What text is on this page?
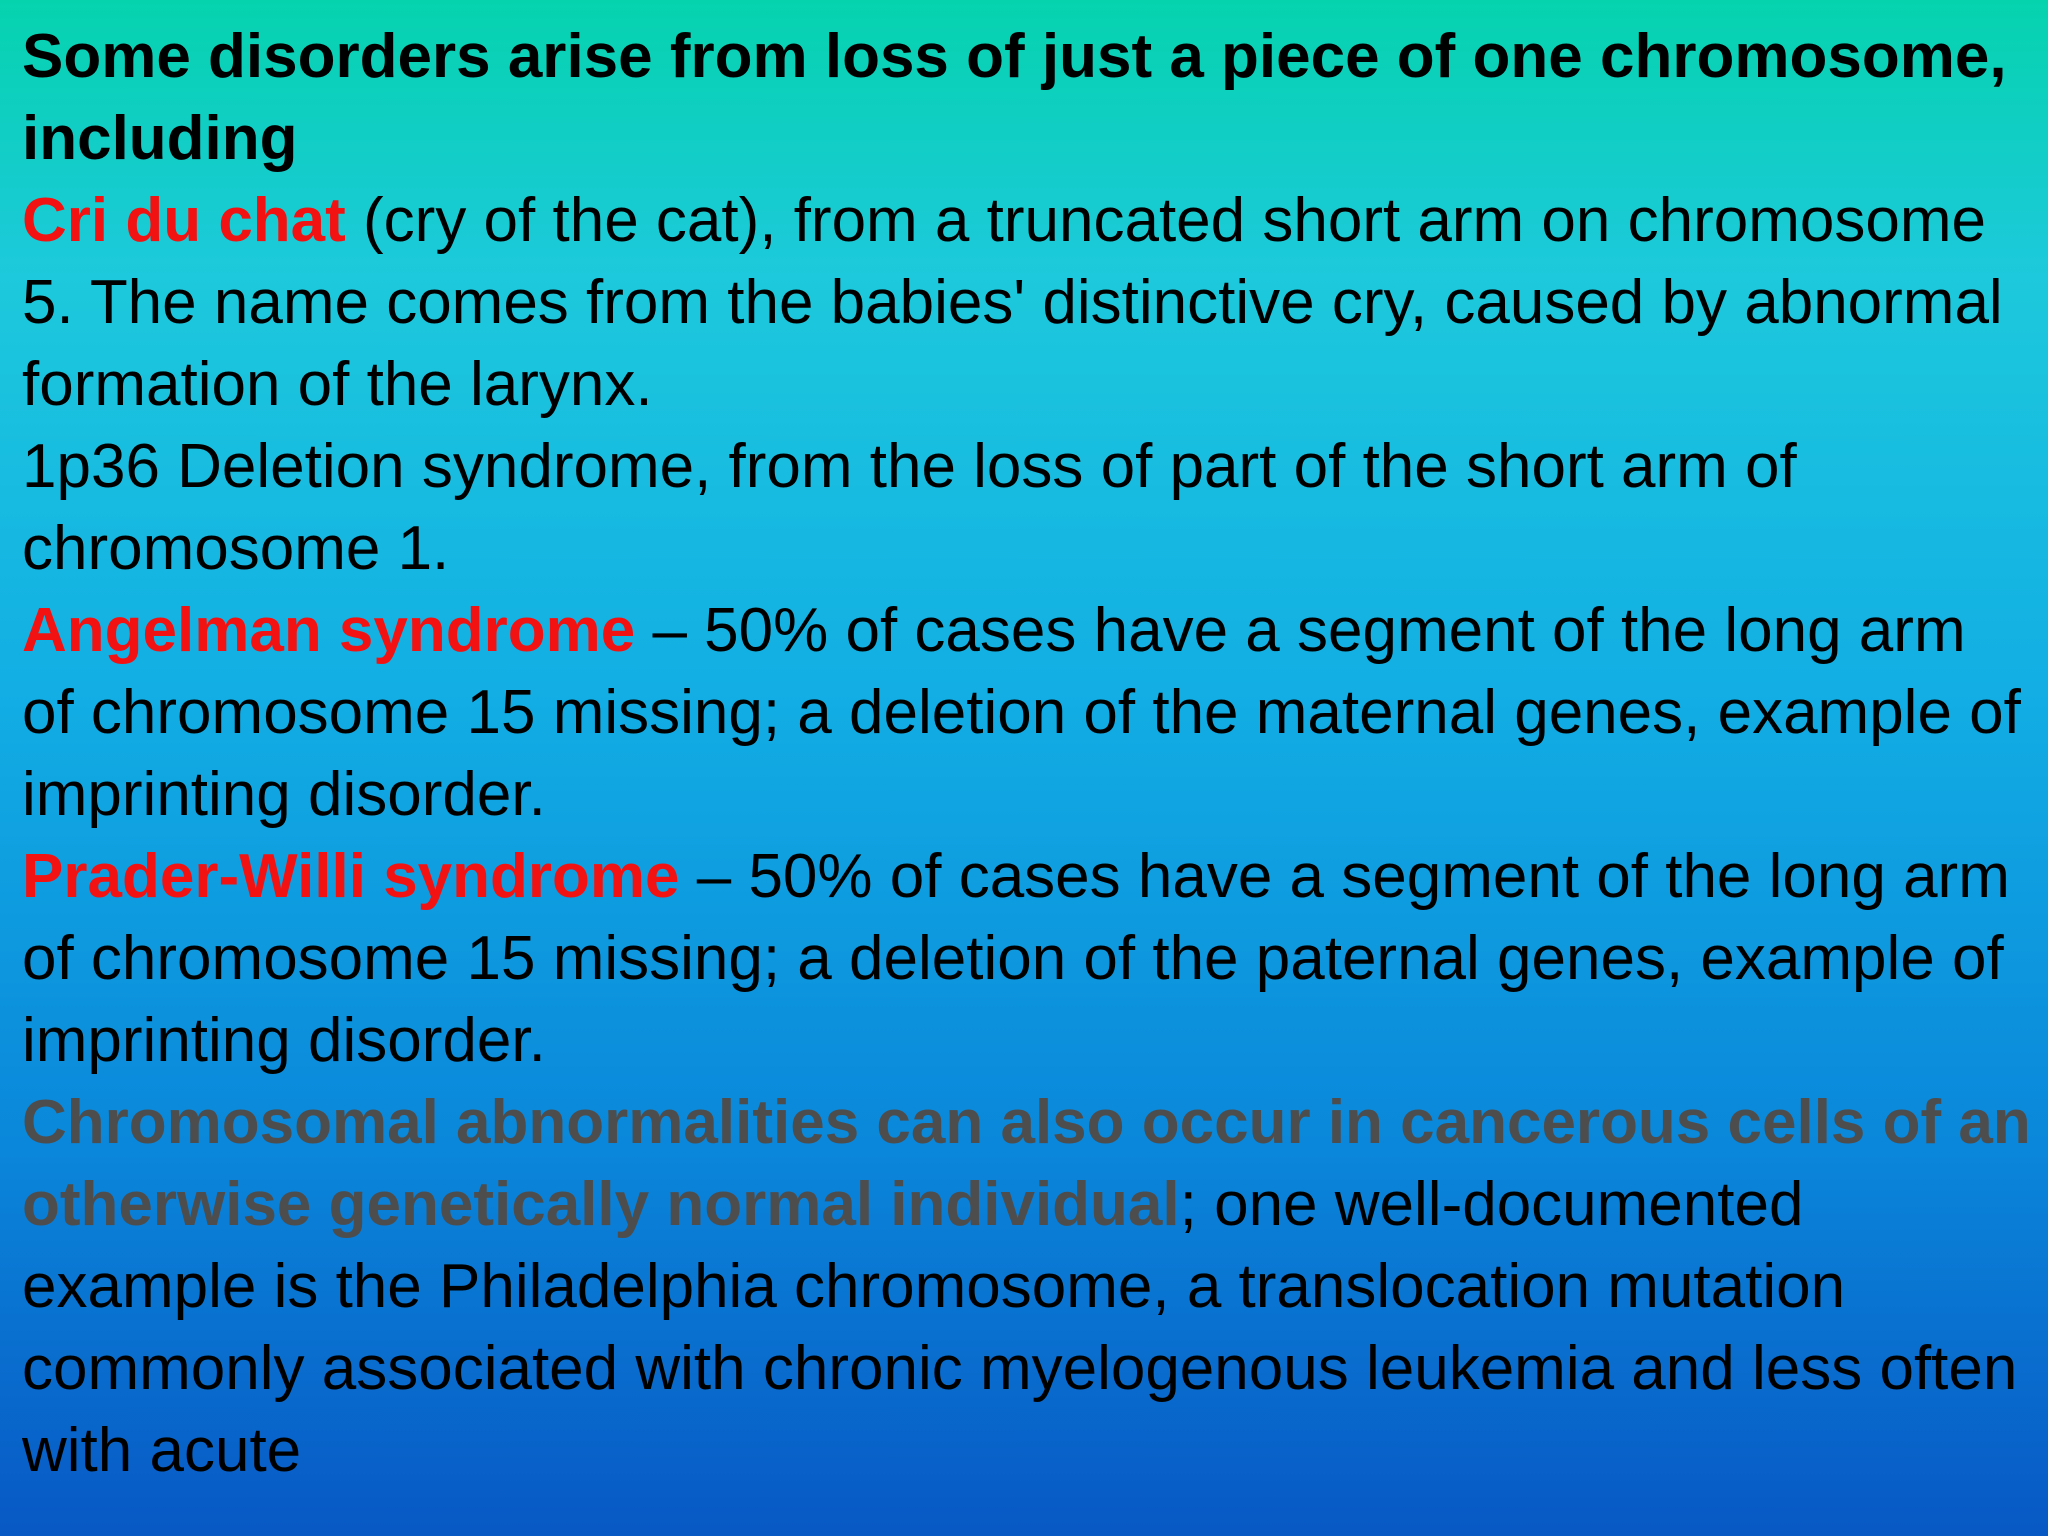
Some disorders arise from loss of just a piece of one chromosome, including

Cri du chat (cry of the cat), from a truncated short arm on chromosome 5. The name comes from the babies' distinctive cry, caused by abnormal formation of the larynx.

1p36 Deletion syndrome, from the loss of part of the short arm of chromosome 1.

Angelman syndrome – 50% of cases have a segment of the long arm of chromosome 15 missing; a deletion of the maternal genes, example of imprinting disorder.

Prader-Willi syndrome – 50% of cases have a segment of the long arm of chromosome 15 missing; a deletion of the paternal genes, example of imprinting disorder.

Chromosomal abnormalities can also occur in cancerous cells of an otherwise genetically normal individual; one well-documented example is the Philadelphia chromosome, a translocation mutation commonly associated with chronic myelogenous leukemia and less often with acute
